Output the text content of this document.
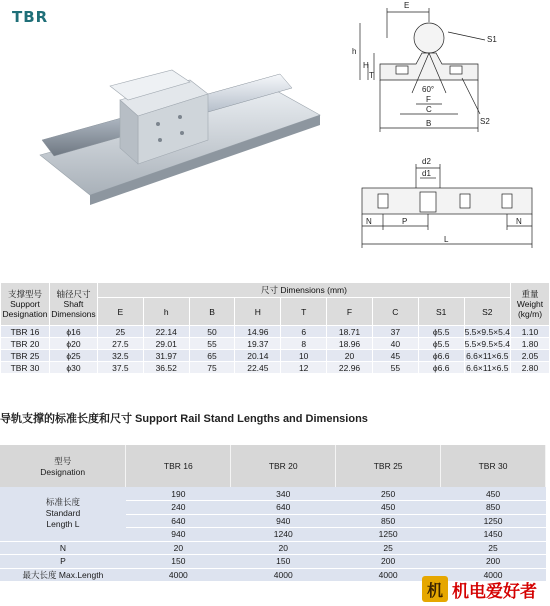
TBR
E
h
H
T
60°
F
C
B
S1
S2
d2
d1
N	P	N
L
支撑型号
Support
Designation	轴径尺寸
Shaft
Dimensions	尺寸 Dimensions (mm)									重量
Weight
(kg/m)
		E	h	B	H	T	F	C	S1	S2	
TBR 16	ϕ16	25	22.14	50	14.96	6	18.71	37	ϕ5.5	5.5×9.5×5.4	1.10
TBR 20	ϕ20	27.5	29.01	55	19.37	8	18.96	40	ϕ5.5	5.5×9.5×5.4	1.80
TBR 25	ϕ25	32.5	31.97	65	20.14	10	20	45	ϕ6.6	6.6×11×6.5	2.05
TBR 30	ϕ30	37.5	36.52	75	22.45	12	22.96	55	ϕ6.6	6.6×11×6.5	2.80
导轨支撑的标准长度和尺寸 Support Rail Stand Lengths and Dimensions
型号
Designation	TBR 16	TBR 20	TBR 25	TBR 30
标准长度
Standard
Length L	190	340	250	450
	240	640	450	850
	640	940	850	1250
	940	1240	1250	1450
N	20	20	25	25
P	150	150	200	200
最大长度 Max.Length	4000	4000	4000	4000
机 机电爱好者
